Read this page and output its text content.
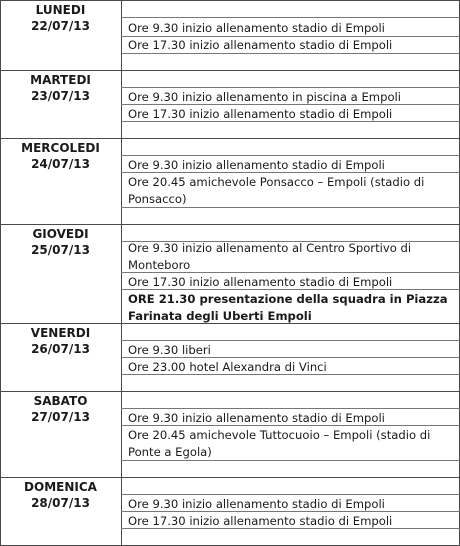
LUNEDI
22/07/13	Ore 9.30 inizio allenamento stadio di Empoli
Ore 17.30 inizio allenamento stadio di Empoli
MARTEDI
23/07/13	Ore 9.30 inizio allenamento in piscina a Empoli
Ore 17.30 inizio allenamento stadio di Empoli
MERCOLEDI
24/07/13	Ore 9.30 inizio allenamento stadio di Empoli
Ore 20.45 amichevole Ponsacco – Empoli (stadio di Ponsacco)
GIOVEDI
25/07/13	Ore 9.30 inizio allenamento al Centro Sportivo di Monteboro
Ore 17.30 inizio allenamento stadio di Empoli
ORE 21.30 presentazione della squadra in Piazza Farinata degli Uberti Empoli
VENERDI
26/07/13	Ore 9.30 liberi
Ore 23.00 hotel Alexandra di Vinci
SABATO
27/07/13	Ore 9.30 inizio allenamento stadio di Empoli
Ore 20.45 amichevole Tuttocuoio – Empoli (stadio di Ponte a Egola)
DOMENICA
28/07/13	Ore 9.30 inizio allenamento stadio di Empoli
Ore 17.30 inizio allenamento stadio di Empoli
